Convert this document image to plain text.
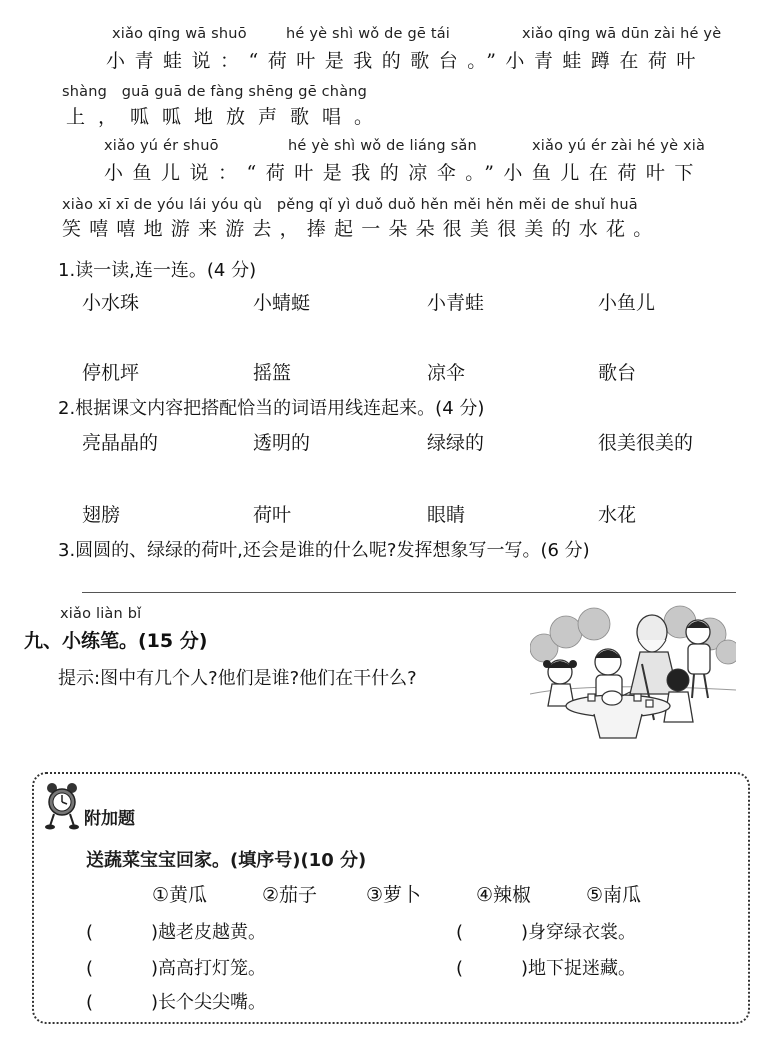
xiǎo qīng wā shuō	hé yè shì wǒ de gē tái	xiǎo qīng wā dūn zài hé yè
小青蛙说：“荷叶是我的歌台。”小青蛙蹲在荷叶
shàng　guā guā de fàng shēng gē chàng
上，呱呱地放声歌唱。
xiǎo yú ér shuō	hé yè shì wǒ de liáng sǎn	xiǎo yú ér zài hé yè xià
小鱼儿说：“荷叶是我的凉伞。”小鱼儿在荷叶下
xiào xī xī de yóu lái yóu qù　pěng qǐ yì duǒ duǒ hěn měi hěn měi de shuǐ huā
笑嘻嘻地游来游去，捧起一朵朵很美很美的水花。
1.读一读,连一连。(4 分)
小水珠	小蜻蜓	小青蛙	小鱼儿
停机坪	摇篮	凉伞	歌台
2.根据课文内容把搭配恰当的词语用线连起来。(4 分)
亮晶晶的	透明的	绿绿的	很美很美的
翅膀	荷叶	眼睛	水花
3.圆圆的、绿绿的荷叶,还会是谁的什么呢?发挥想象写一写。(6 分)
xiǎo liàn bǐ
九、小练笔。(15 分)
提示:图中有几个人?他们是谁?他们在干什么?
附加题
送蔬菜宝宝回家。(填序号)(10 分)
①黄瓜	②茄子	③萝卜	④辣椒	⑤南瓜
(	)越老皮越黄。	(	)身穿绿衣裳。
(	)高高打灯笼。	(	)地下捉迷藏。
(	)长个尖尖嘴。
